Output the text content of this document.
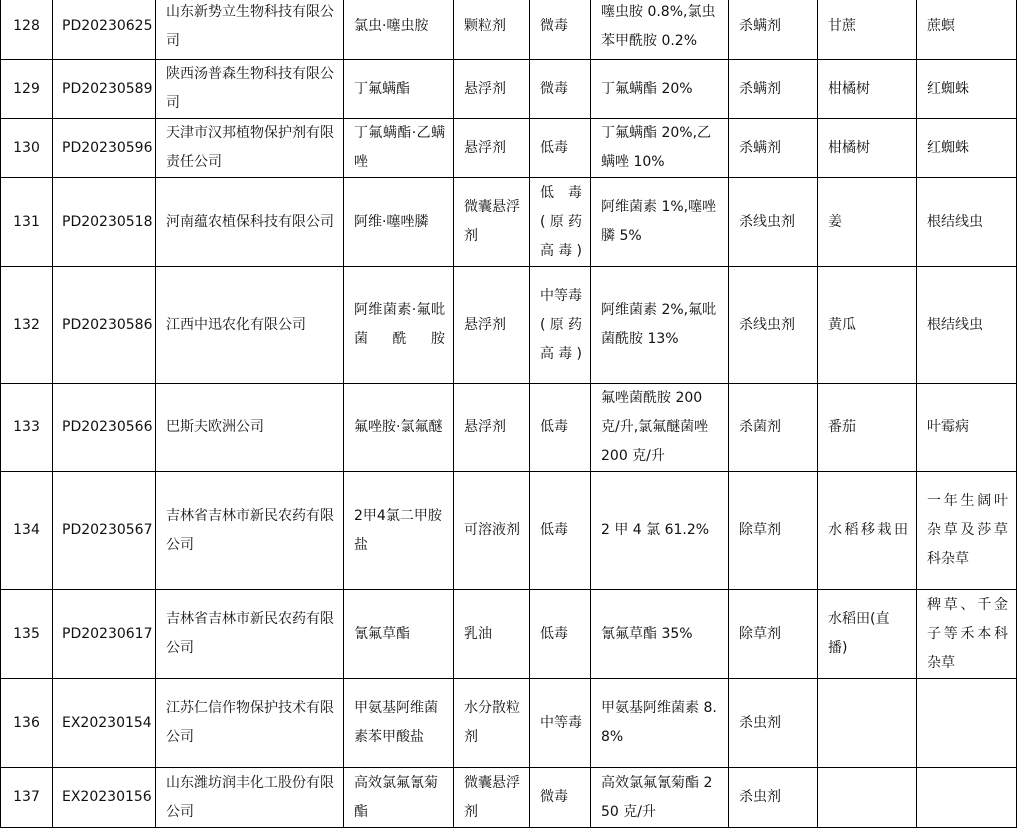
128	PD20230625	山东新势立生物科技有限公司	氯虫·噻虫胺	颗粒剂	微毒	噻虫胺 0.8%,氯虫苯甲酰胺 0.2%	杀螨剂	甘蔗	蔗螟
129	PD20230589	陕西汤普森生物科技有限公司	丁氟螨酯	悬浮剂	微毒	丁氟螨酯 20%	杀螨剂	柑橘树	红蜘蛛
130	PD20230596	天津市汉邦植物保护剂有限责任公司	丁氟螨酯·乙螨唑	悬浮剂	低毒	丁氟螨酯 20%,乙螨唑 10%	杀螨剂	柑橘树	红蜘蛛
131	PD20230518	河南蕴农植保科技有限公司	阿维·噻唑膦	微囊悬浮剂	低毒(原药高毒)	阿维菌素 1%,噻唑膦 5%	杀线虫剂	姜	根结线虫
132	PD20230586	江西中迅农化有限公司	阿维菌素·氟吡菌酰胺	悬浮剂	中等毒(原药高毒)	阿维菌素 2%,氟吡菌酰胺 13%	杀线虫剂	黄瓜	根结线虫
133	PD20230566	巴斯夫欧洲公司	氟唑胺·氯氟醚	悬浮剂	低毒	氟唑菌酰胺 200 克/升,氯氟醚菌唑 200 克/升	杀菌剂	番茄	叶霉病
134	PD20230567	吉林省吉林市新民农药有限公司	2甲4氯二甲胺盐	可溶液剂	低毒	2 甲 4 氯 61.2%	除草剂	水稻移栽田	一年生阔叶杂草及莎草科杂草
135	PD20230617	吉林省吉林市新民农药有限公司	氰氟草酯	乳油	低毒	氰氟草酯 35%	除草剂	水稻田(直播)	稗草、千金子等禾本科杂草
136	EX20230154	江苏仁信作物保护技术有限公司	甲氨基阿维菌素苯甲酸盐	水分散粒剂	中等毒	甲氨基阿维菌素 8.8%	杀虫剂		
137	EX20230156	山东潍坊润丰化工股份有限公司	高效氯氟氰菊酯	微囊悬浮剂	微毒	高效氯氟氰菊酯 250 克/升	杀虫剂		
